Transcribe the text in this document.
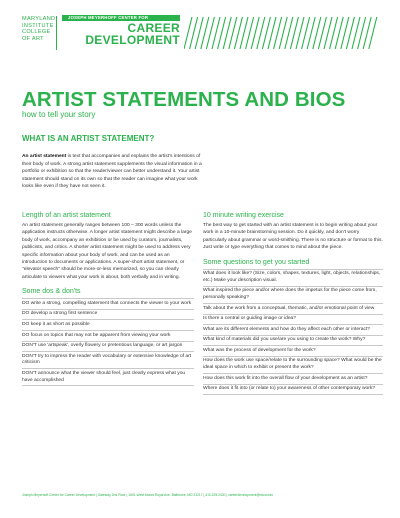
MARYLAND
INSTITUTE
COLLEGE
OF ART
JOSEPH MEYERHOFF CENTER FOR
CAREER
DEVELOPMENT
ARTIST STATEMENTS AND BIOS

how to tell your story

WHAT IS AN ARTIST STATEMENT?

An artist statement is text that accompanies and explains the artist's intentions of their body of work. A strong artist statement supplements the visual information in a portfolio or exhibition so that the reader/viewer can better understand it. Your artist statement should stand on its own so that the reader can imagine what your work looks like even if they have not seen it.

Length of an artist statement

An artist statement generally ranges between 100 – 300 words unless the application instructs otherwise. A longer artist statement might describe a large body of work, accompany an exhibition or be used by curators, journalists, publicists, and critics. A shorter artist statement might be used to address very specific information about your body of work, and can be used as an introduction to documents or applications. A super-short artist statement, or "elevator speech" should be more-or-less memorized, so you can clearly articulate to viewers what your work is about, both verbally and in writing.

Some dos & don'ts
DO write a strong, compelling statement that connects the viewer to your work
DO develop a strong first sentence
DO keep it as short as possible
DO focus on topics that may not be apparent from viewing your work
DON'T use 'artspeak', overly flowery or pretentious language, or art jargon
DON'T try to impress the reader with vocabulary or extensive knowledge of art criticism
DON'T announce what the viewer should feel, just clearly express what you have accomplished
10 minute writing exercise

The best way to get started with an artist statement is to begin writing about your work in a 10-minute brainstorming session. Do it quickly, and don't worry particularly about grammar or word-smithing. There is no structure or format to this. Just write or type everything that comes to mind about the piece.

Some questions to get you started
What does it look like? (Size, colors, shapes, textures, light, objects, relationships, etc.) Make your description visual.
What inspired the piece and/or where does the impetus for the piece come from, personally speaking?
Talk about the work from a conceptual, thematic, and/or emotional point of view
Is there a central or guiding image or idea?
What are its different elements and how do they affect each other or interact?
What kind of materials did you use/are you using to create the work? Why?
What was the process of development for the work?
How does the work use space/relate to the surrounding space? What would be the ideal space in which to exhibit or present the work?
How does this work fit into the overall flow of your development as an artist?
Where does it fit into (or relate to) your awareness of other contemporary work?
Joseph Meyerhoff Center for Career Development | Gateway 2nd Floor | 1601 West Mount Royal Ave. Baltimore, MD 21217 | 410.225.2430 | careerdevelopment@mica.edu
